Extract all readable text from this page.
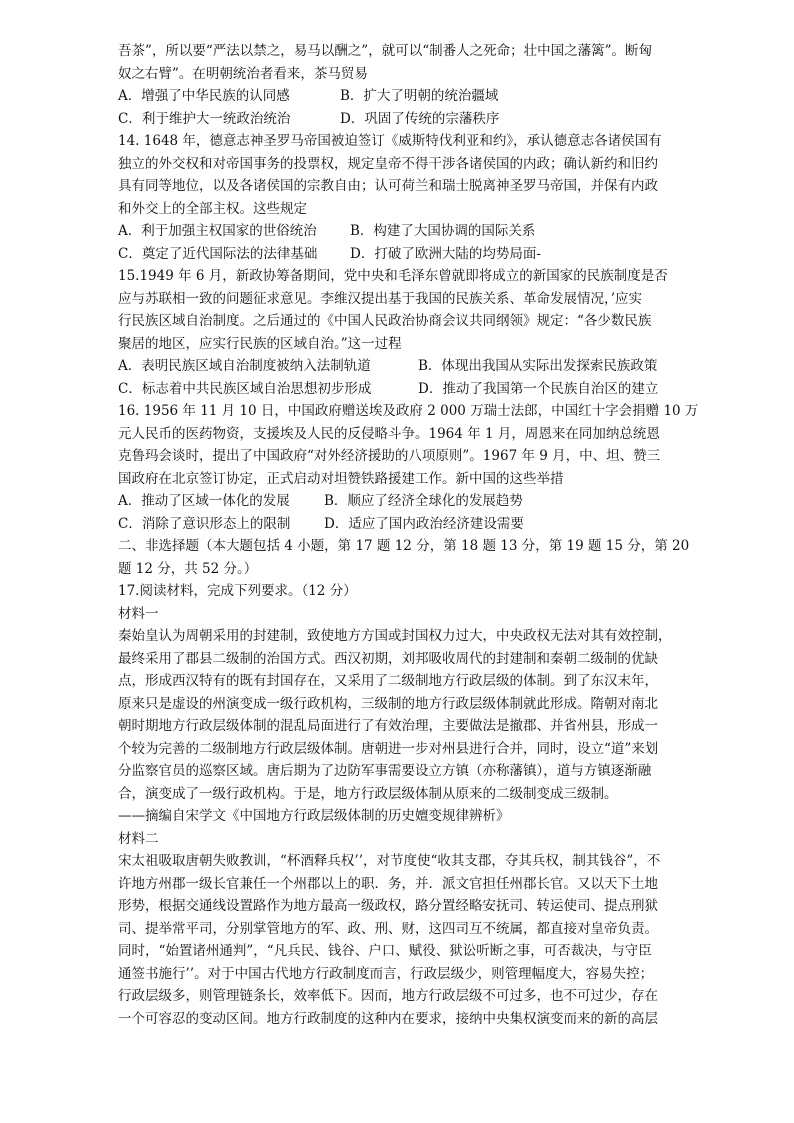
吾茶”，所以要“严法以禁之，易马以酬之”，就可以“制番人之死命；壮中国之藩篱”。断匈
奴之右臂”。在明朝统治者看来，茶马贸易
A．增强了中华民族的认同感	B．扩大了明朝的统治疆域
C．利于维护大一统政治统治	D．巩固了传统的宗藩秩序
14. 1648 年，德意志神圣罗马帝国被迫签订《威斯特伐利亚和约》，承认德意志各诸侯国有
独立的外交权和对帝国事务的投票权，规定皇帝不得干涉各诸侯国的内政；确认新约和旧约
具有同等地位，以及各诸侯国的宗教自由；认可荷兰和瑞士脱离神圣罗马帝国，并保有内政
和外交上的全部主权。这些规定
A．利于加强主权国家的世俗统治 B．构建了大国协调的国际关系
C．奠定了近代国际法的法律基础 D．打破了欧洲大陆的均势局面-
15.1949 年 6 月，新政协筹备期间，党中央和毛泽东曾就即将成立的新国家的民族制度是否
应与苏联相一致的问题征求意见。李维汉提出基于我国的民族关系、革命发展情况，’应实
行民族区域自治制度。之后通过的《中国人民政治协商会议共同纲领》规定：“各少数民族
聚居的地区，应实行民族的区域自治。”这一过程
A．表明民族区域自治制度被纳入法制轨道	B．体现出我国从实际出发探索民族政策
C．标志着中共民族区域自治思想初步形成	D．推动了我国第一个民族自治区的建立
16. 1956 年 11 月 10 日，中国政府赠送埃及政府 2 000 万瑞士法郎，中国红十字会捐赠 10 万
元人民币的医药物资，支援埃及人民的反侵略斗争。1964 年 1 月，周恩来在同加纳总统恩
克鲁玛会谈时，提出了中国政府“对外经济援助的八项原则”。1967 年 9 月，中、坦、赞三
国政府在北京签订协定，正式启动对坦赞铁路援建工作。新中国的这些举措
A．推动了区域一体化的发展	B．顺应了经济全球化的发展趋势
C．消除了意识形态上的限制 D．适应了国内政治经济建设需要
二、非选择题（本大题包括 4 小题，第 17 题 12 分，第 18 题 13 分，第 19 题 15 分，第 20
题 12 分，共 52 分。）
17.阅读材料，完成下列要求。（12 分）
材料一
秦始皇认为周朝采用的封建制，致使地方方国或封国权力过大，中央政权无法对其有效控制，
最终采用了郡县二级制的治国方式。西汉初期，刘邦吸收周代的封建制和秦朝二级制的优缺
点，形成西汉特有的既有封国存在，又采用了二级制地方行政层级的体制。到了东汉末年，
原来只是虚设的州演变成一级行政机构，三级制的地方行政层级体制就此形成。隋朝对南北
朝时期地方行政层级体制的混乱局面进行了有效治理，主要做法是撤郡、并省州县，形成一
个较为完善的二级制地方行政层级体制。唐朝进一步对州县进行合并，同时，设立“道”来划
分监察官员的巡察区域。唐后期为了边防军事需要设立方镇（亦称藩镇），道与方镇逐渐融
合，演变成了一级行政机构。于是，地方行政层级体制从原来的二级制变成三级制。
——摘编自宋学文《中国地方行政层级体制的历史嬗变规律辨析》
材料二
宋太祖吸取唐朝失败教训，“杯酒释兵权’’，对节度使“收其支郡，夺其兵权，制其钱谷”，不
许地方州郡一级长官兼任一个州郡以上的职．务，并．派文官担任州郡长官。又以天下土地
形势，根据交通线设置路作为地方最高一级政权，路分置经略安抚司、转运使司、提点刑狱
司、提举常平司，分别掌管地方的军、政、刑、财，这四司互不统属，都直接对皇帝负责。
同时，“始置诸州通判”，“凡兵民、钱谷、户口、赋役、狱讼听断之事，可否裁决，与守臣
通签书施行’’。对于中国古代地方行政制度而言，行政层级少，则管理幅度大，容易失控；
行政层级多，则管理链条长，效率低下。因而，地方行政层级不可过多，也不可过少，存在
一个可容忍的变动区间。地方行政制度的这种内在要求，接纳中央集权演变而来的新的高层
